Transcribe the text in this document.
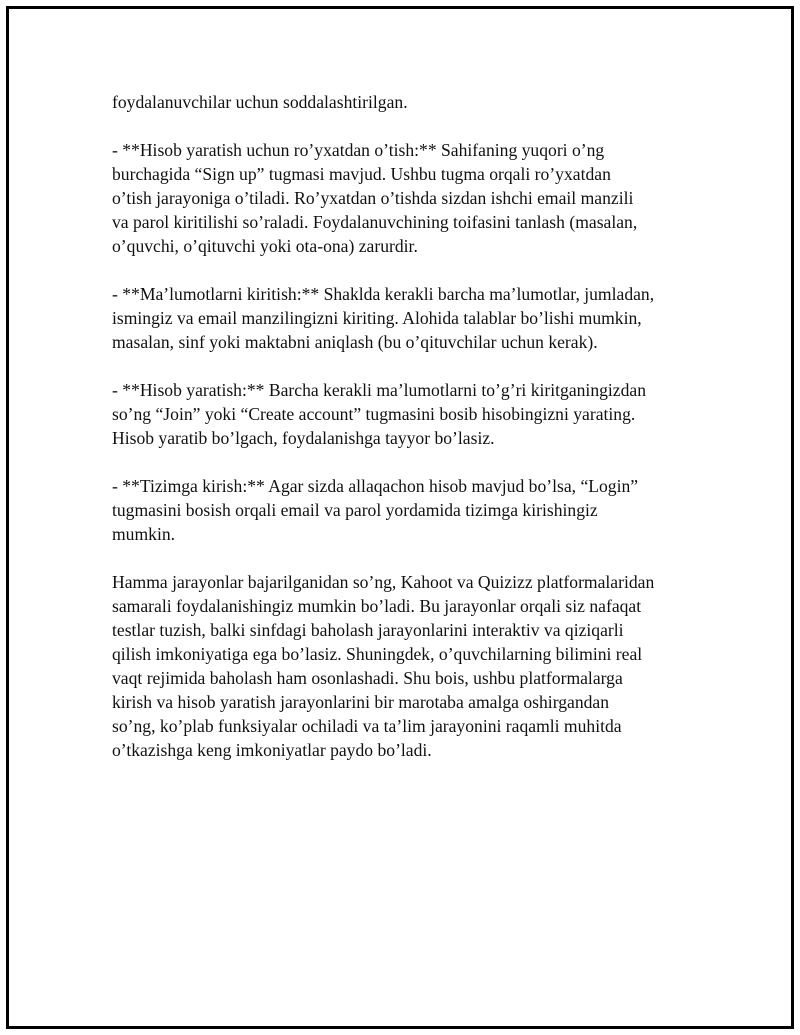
foydalanuvchilar uchun soddalashtirilgan.

- **Hisob yaratish uchun ro’yxatdan o’tish:** Sahifaning yuqori o’ng
burchagida “Sign up” tugmasi mavjud. Ushbu tugma orqali ro’yxatdan
o’tish jarayoniga o’tiladi. Ro’yxatdan o’tishda sizdan ishchi email manzili
va parol kiritilishi so’raladi. Foydalanuvchining toifasini tanlash (masalan,
o’quvchi, o’qituvchi yoki ota-ona) zarurdir.

- **Ma’lumotlarni kiritish:** Shaklda kerakli barcha ma’lumotlar, jumladan,
ismingiz va email manzilingizni kiriting. Alohida talablar bo’lishi mumkin,
masalan, sinf yoki maktabni aniqlash (bu o’qituvchilar uchun kerak).

- **Hisob yaratish:** Barcha kerakli ma’lumotlarni to’g’ri kiritganingizdan
so’ng “Join” yoki “Create account” tugmasini bosib hisobingizni yarating.
Hisob yaratib bo’lgach, foydalanishga tayyor bo’lasiz.

- **Tizimga kirish:** Agar sizda allaqachon hisob mavjud bo’lsa, “Login”
tugmasini bosish orqali email va parol yordamida tizimga kirishingiz
mumkin.

Hamma jarayonlar bajarilganidan so’ng, Kahoot va Quizizz platformalaridan
samarali foydalanishingiz mumkin bo’ladi. Bu jarayonlar orqali siz nafaqat
testlar tuzish, balki sinfdagi baholash jarayonlarini interaktiv va qiziqarli
qilish imkoniyatiga ega bo’lasiz. Shuningdek, o’quvchilarning bilimini real
vaqt rejimida baholash ham osonlashadi. Shu bois, ushbu platformalarga
kirish va hisob yaratish jarayonlarini bir marotaba amalga oshirgandan
so’ng, ko’plab funksiyalar ochiladi va ta’lim jarayonini raqamli muhitda
o’tkazishga keng imkoniyatlar paydo bo’ladi.
